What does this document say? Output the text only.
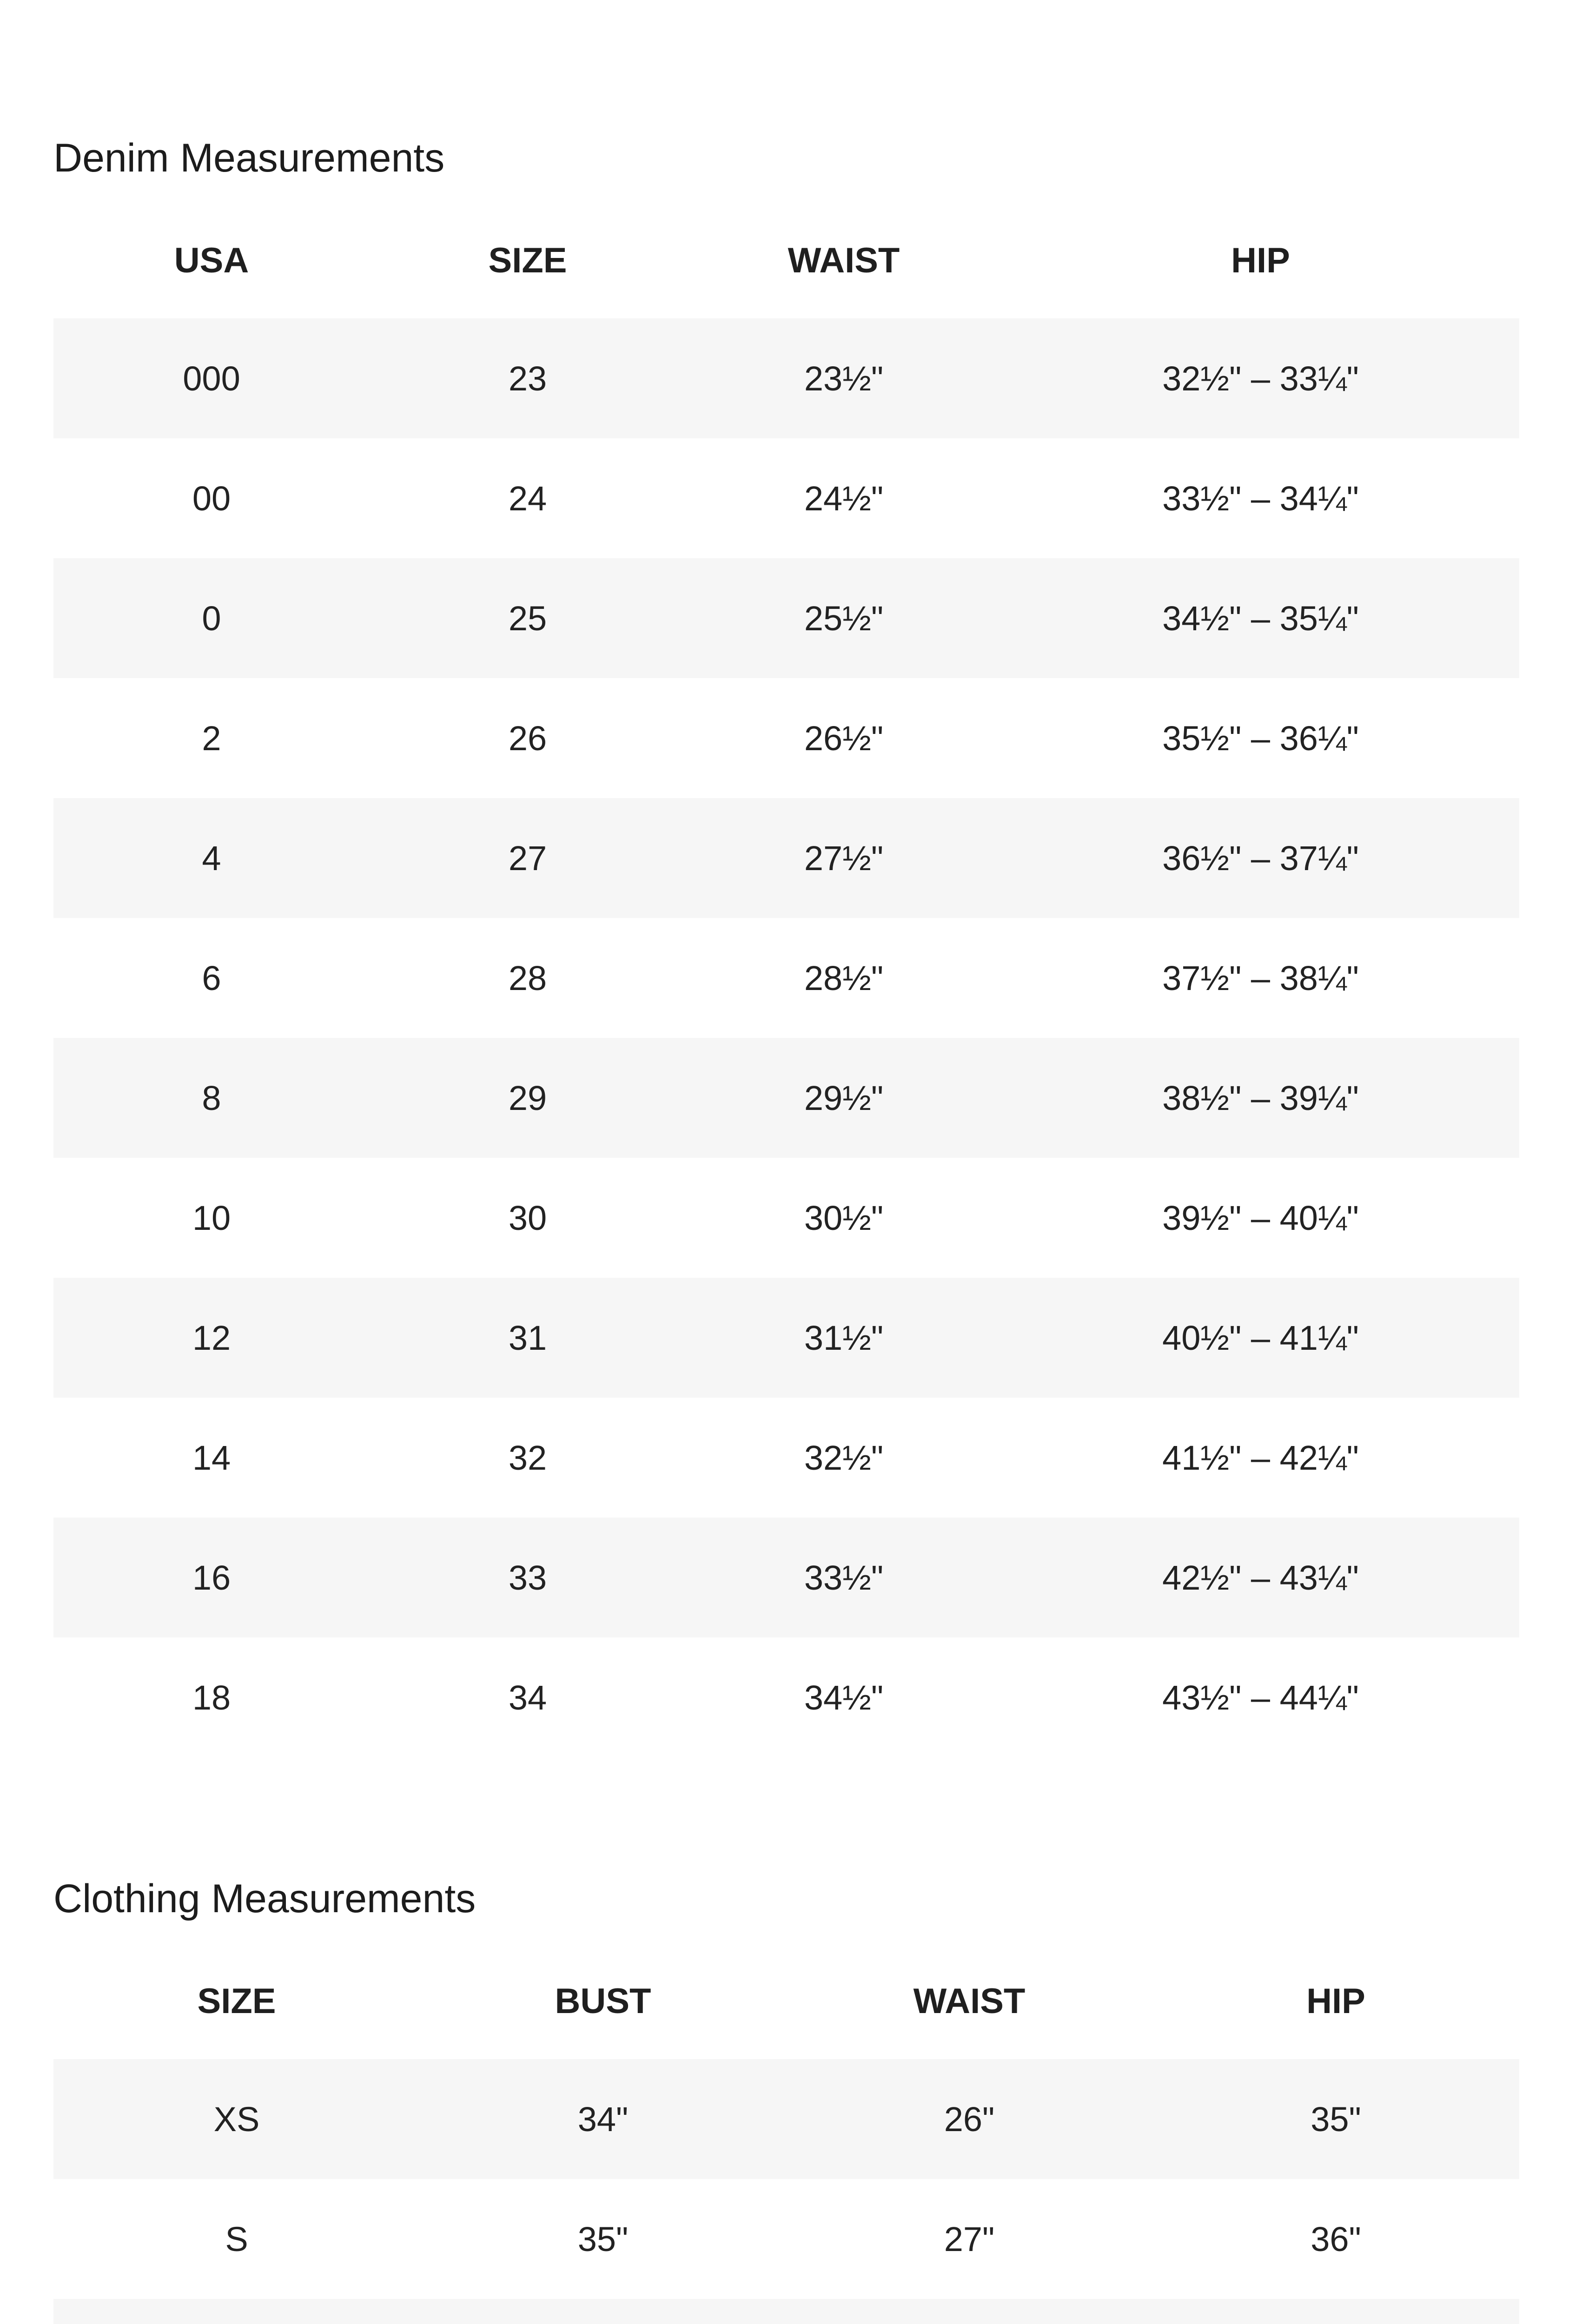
Denim Measurements
USA	SIZE	WAIST	HIP
000	23	23½"	32½" – 33¼"
00	24	24½"	33½" – 34¼"
0	25	25½"	34½" – 35¼"
2	26	26½"	35½" – 36¼"
4	27	27½"	36½" – 37¼"
6	28	28½"	37½" – 38¼"
8	29	29½"	38½" – 39¼"
10	30	30½"	39½" – 40¼"
12	31	31½"	40½" – 41¼"
14	32	32½"	41½" – 42¼"
16	33	33½"	42½" – 43¼"
18	34	34½"	43½" – 44¼"
Clothing Measurements
SIZE	BUST	WAIST	HIP
XS	34"	26"	35"
S	35"	27"	36"
